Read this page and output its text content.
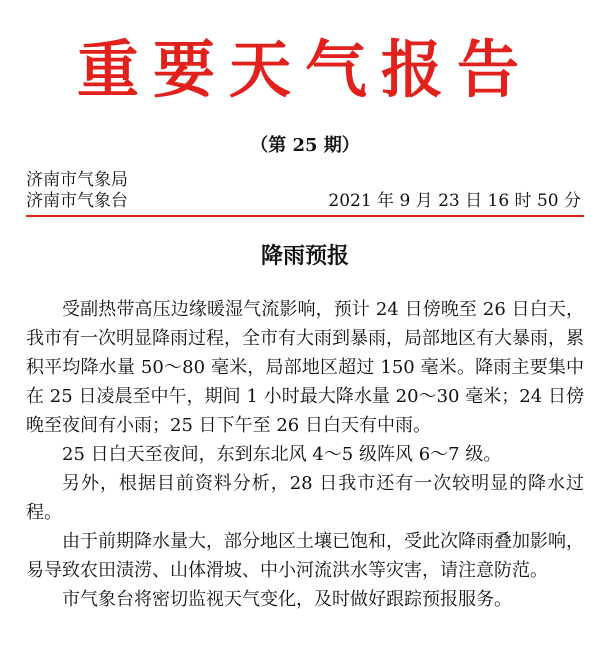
重要天气报告
（第 25 期）
济南市气象局
济南市气象台	2021 年 9 月 23 日 16 时 50 分
降雨预报

受副热带高压边缘暖湿气流影响，预计 24 日傍晚至 26 日白天，我市有一次明显降雨过程，全市有大雨到暴雨，局部地区有大暴雨，累积平均降水量 50～80 毫米，局部地区超过 150 毫米。降雨主要集中在 25 日凌晨至中午，期间 1 小时最大降水量 20～30 毫米；24 日傍晚至夜间有小雨；25 日下午至 26 日白天有中雨。

25 日白天至夜间，东到东北风 4～5 级阵风 6～7 级。

另外，根据目前资料分析，28 日我市还有一次较明显的降水过程。

由于前期降水量大，部分地区土壤已饱和，受此次降雨叠加影响，易导致农田渍涝、山体滑坡、中小河流洪水等灾害，请注意防范。

市气象台将密切监视天气变化，及时做好跟踪预报服务。
